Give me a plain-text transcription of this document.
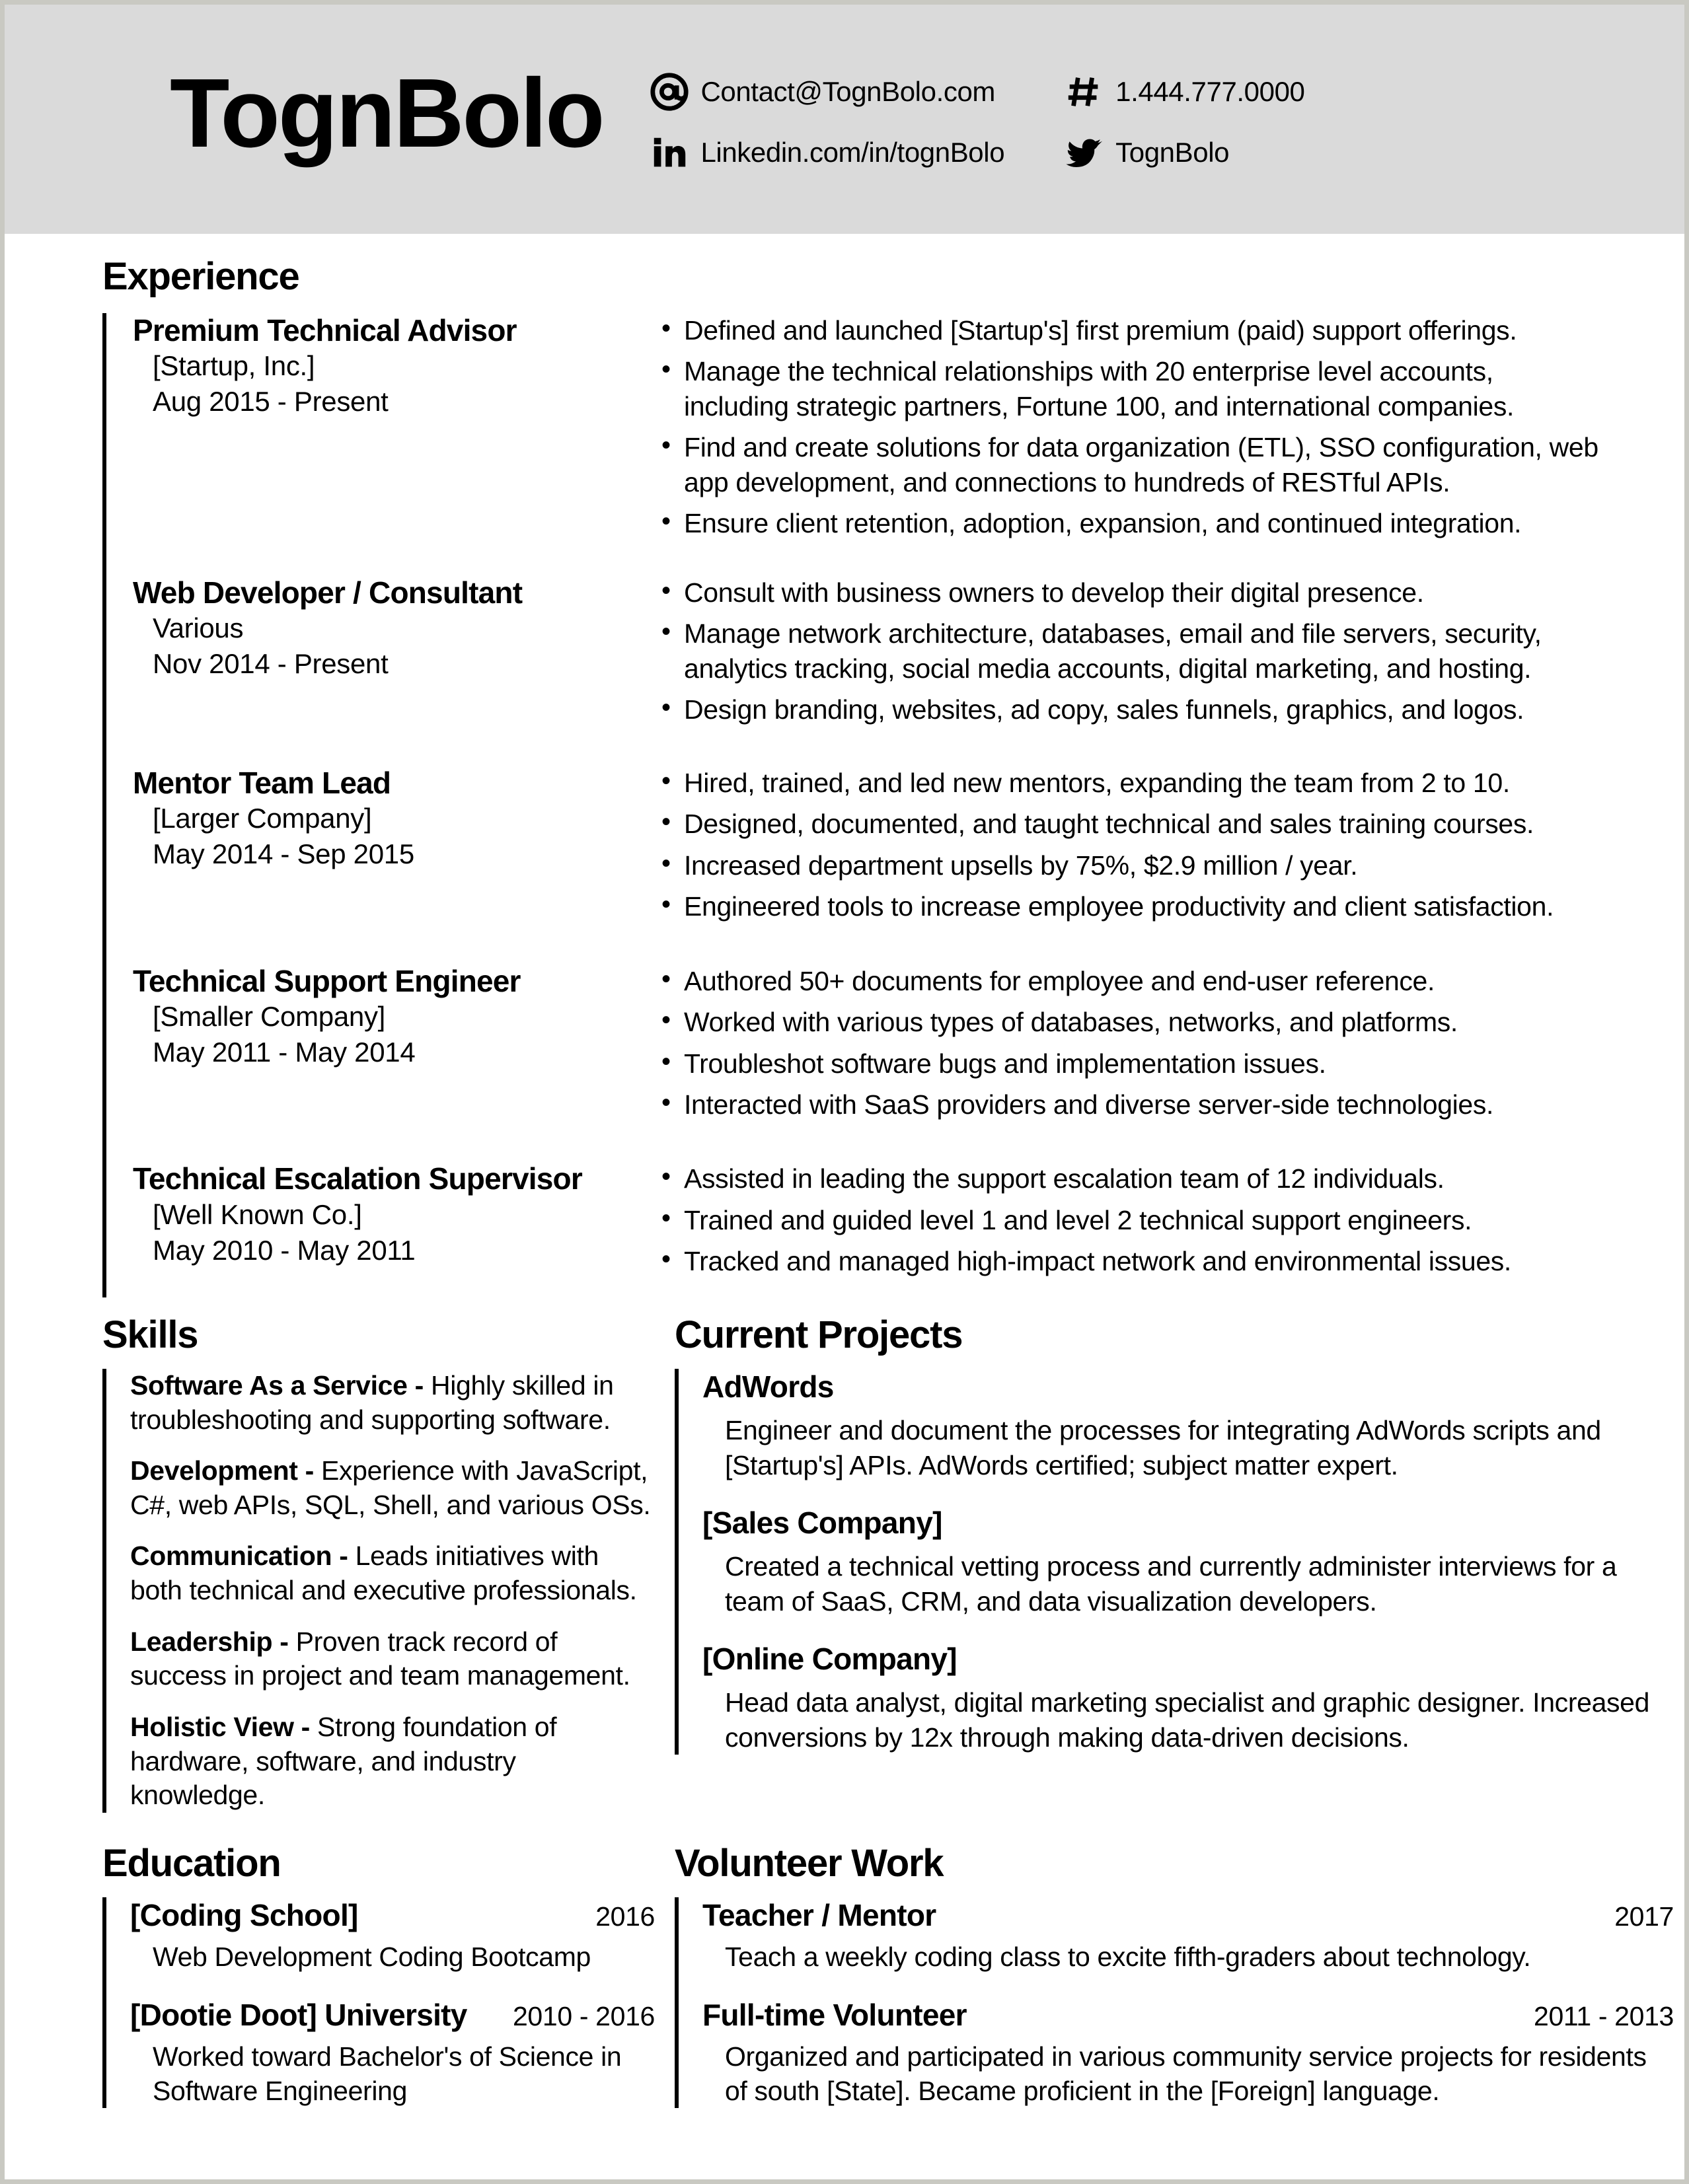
TognBolo	Contact@TognBolo.com	1.444.777.0000
Linkedin.com/in/tognBolo	TognBolo
Experience
Premium Technical Advisor
[Startup, Inc.]
Aug 2015 - Present
• Defined and launched [Startup's] first premium (paid) support offerings.
• Manage the technical relationships with 20 enterprise level accounts, including strategic partners, Fortune 100, and international companies.
• Find and create solutions for data organization (ETL), SSO configuration, web app development, and connections to hundreds of RESTful APIs.
• Ensure client retention, adoption, expansion, and continued integration.
Web Developer / Consultant
Various
Nov 2014 - Present
• Consult with business owners to develop their digital presence.
• Manage network architecture, databases, email and file servers, security, analytics tracking, social media accounts, digital marketing, and hosting.
• Design branding, websites, ad copy, sales funnels, graphics, and logos.
Mentor Team Lead
[Larger Company]
May 2014 - Sep 2015
• Hired, trained, and led new mentors, expanding the team from 2 to 10.
• Designed, documented, and taught technical and sales training courses.
• Increased department upsells by 75%, $2.9 million / year.
• Engineered tools to increase employee productivity and client satisfaction.
Technical Support Engineer
[Smaller Company]
May 2011 - May 2014
• Authored 50+ documents for employee and end-user reference.
• Worked with various types of databases, networks, and platforms.
• Troubleshot software bugs and implementation issues.
• Interacted with SaaS providers and diverse server-side technologies.
Technical Escalation Supervisor
[Well Known Co.]
May 2010 - May 2011
• Assisted in leading the support escalation team of 12 individuals.
• Trained and guided level 1 and level 2 technical support engineers.
• Tracked and managed high-impact network and environmental issues.
Skills
Software As a Service - Highly skilled in troubleshooting and supporting software.
Development - Experience with JavaScript, C#, web APIs, SQL, Shell, and various OSs.
Communication - Leads initiatives with both technical and executive professionals.
Leadership - Proven track record of success in project and team management.
Holistic View - Strong foundation of hardware, software, and industry knowledge.
Current Projects
AdWords
Engineer and document the processes for integrating AdWords scripts and [Startup's] APIs. AdWords certified; subject matter expert.
[Sales Company]
Created a technical vetting process and currently administer interviews for a team of SaaS, CRM, and data visualization developers.
[Online Company]
Head data analyst, digital marketing specialist and graphic designer. Increased conversions by 12x through making data-driven decisions.
Education
[Coding School]	2016
Web Development Coding Bootcamp
[Dootie Doot] University	2010 - 2016
Worked toward Bachelor's of Science in Software Engineering
Volunteer Work
Teacher / Mentor	2017
Teach a weekly coding class to excite fifth-graders about technology.
Full-time Volunteer	2011 - 2013
Organized and participated in various community service projects for residents of south [State]. Became proficient in the [Foreign] language.
